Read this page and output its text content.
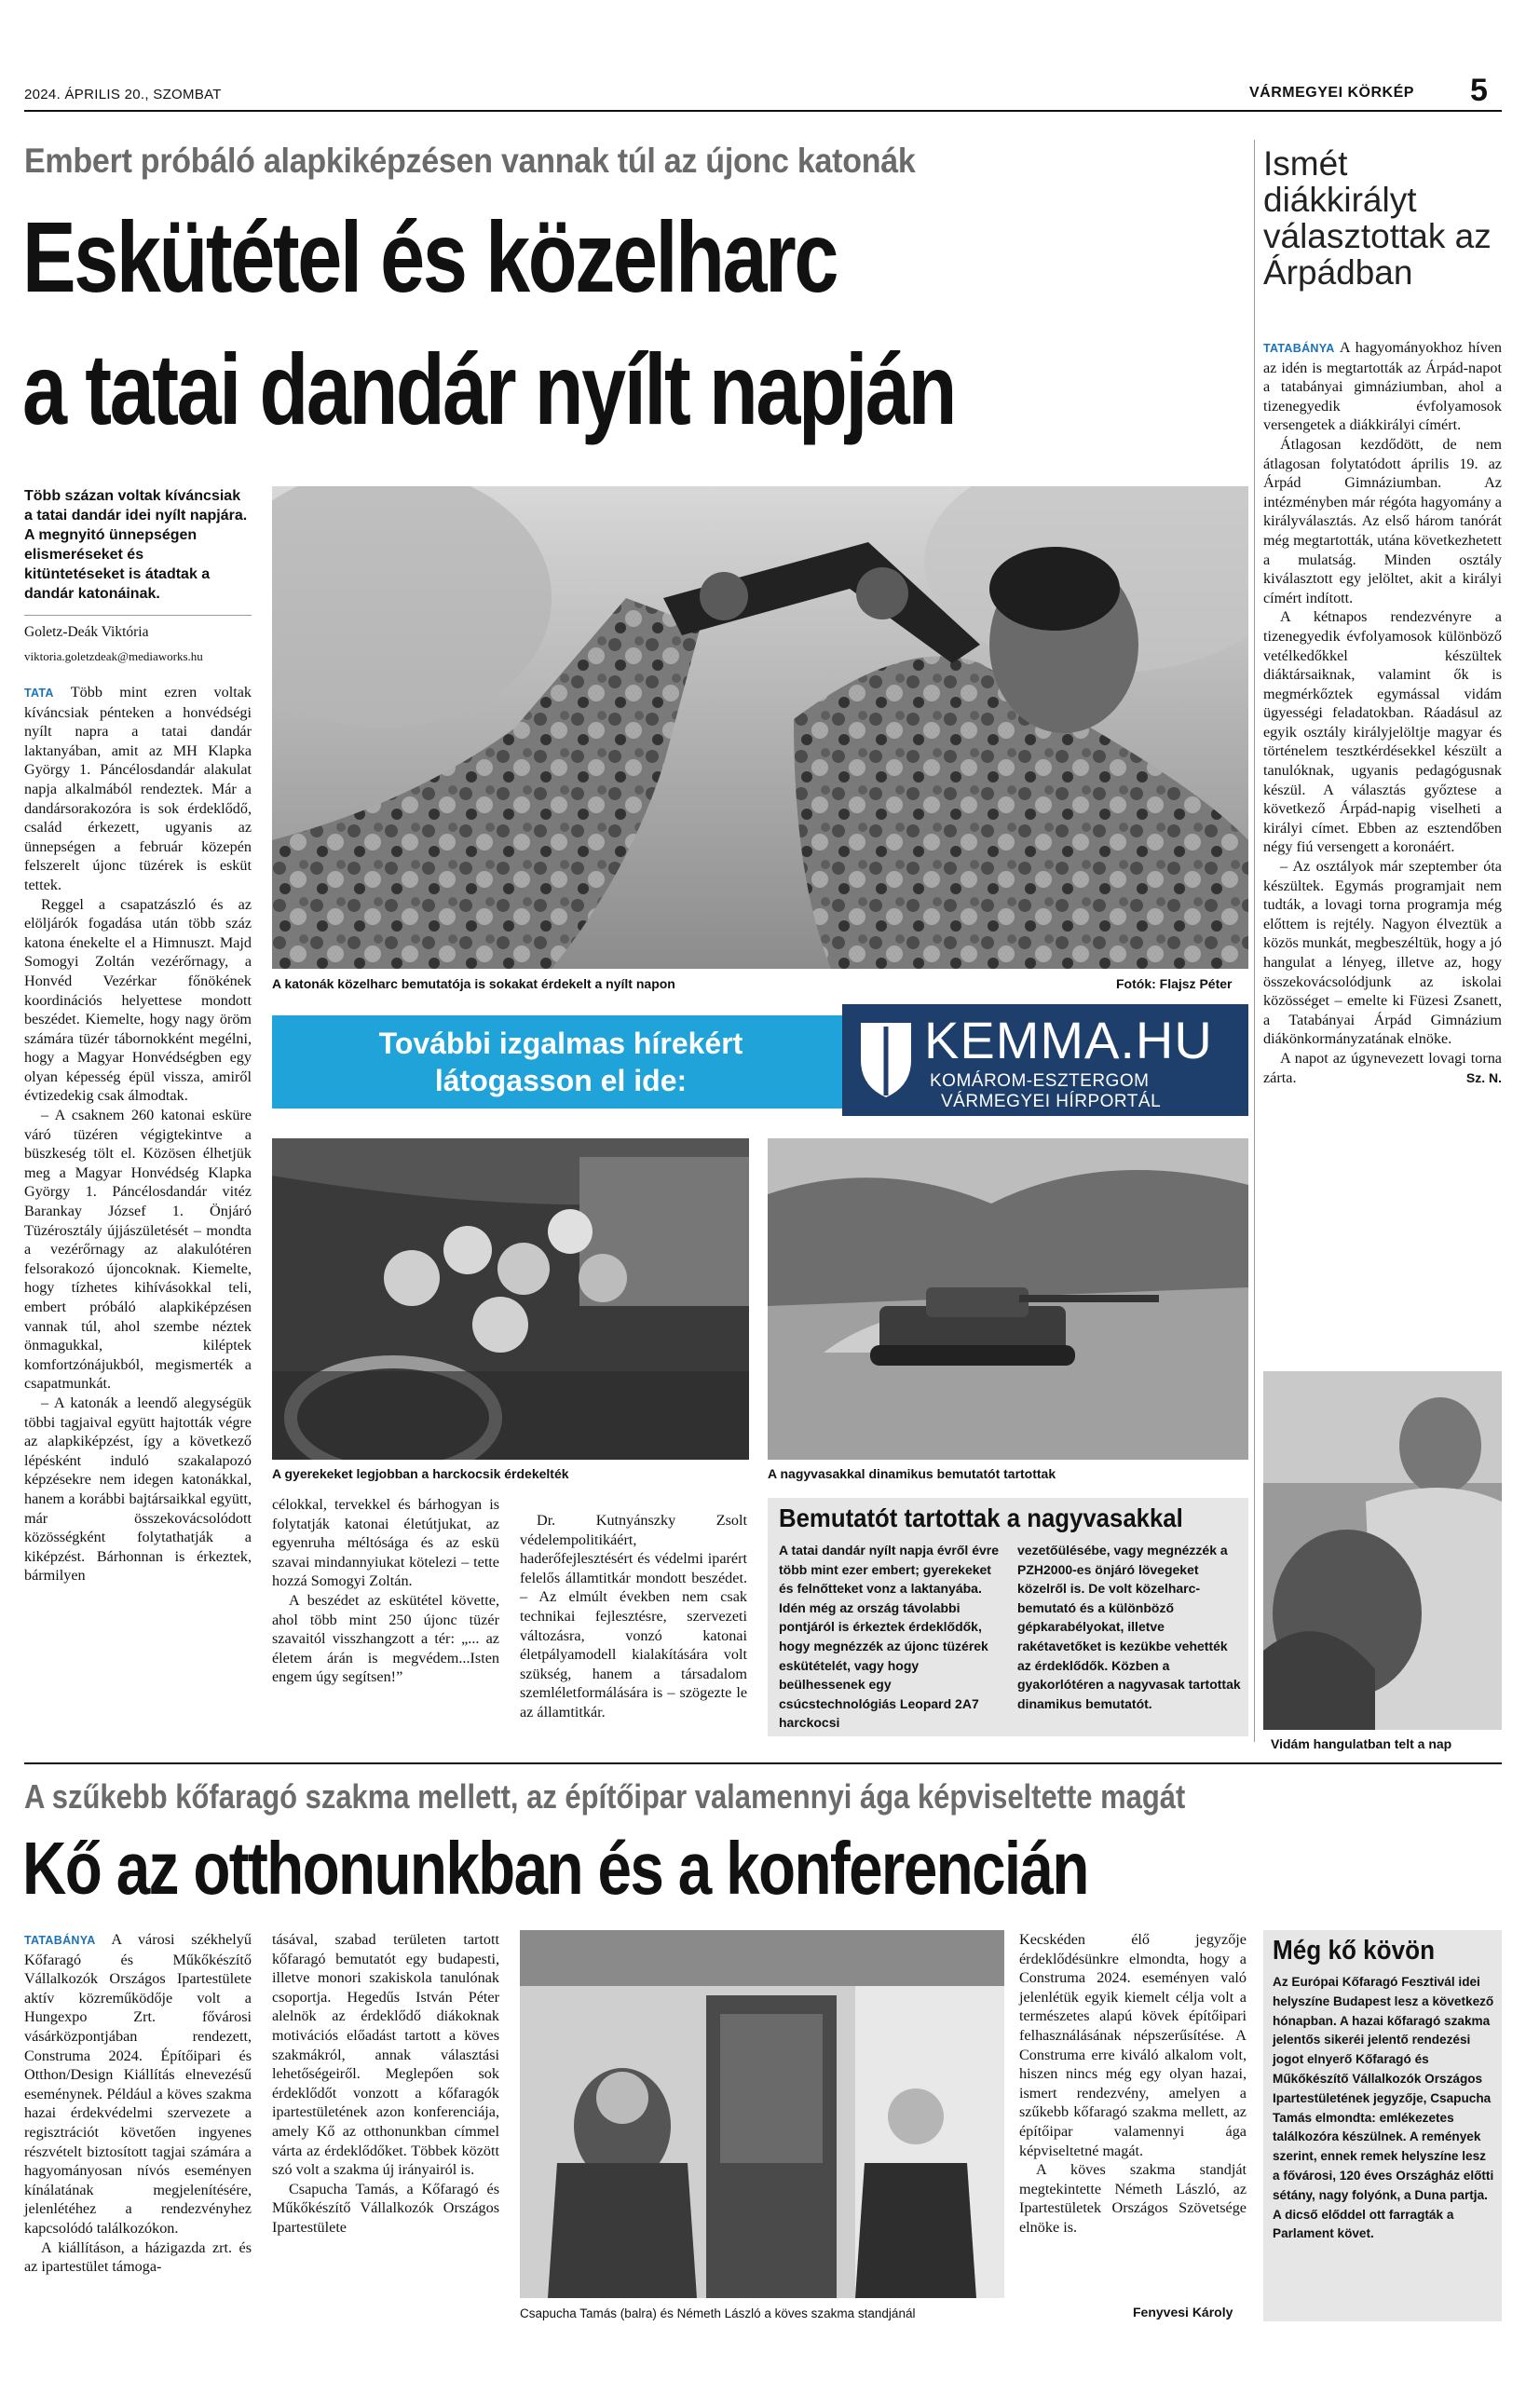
2024. ÁPRILIS 20., SZOMBAT	VÁRMEGYEI KÖRKÉP 5
Embert próbáló alapkiképzésen vannak túl az újonc katonák
Eskütétel és közelharc
a tatai dandár nyílt napján
Több százan voltak kíváncsiak a tatai dandár idei nyílt napjára. A megnyitó ünnepségen elismeréseket és kitüntetéseket is átadtak a dandár katonáinak.
Goletz-Deák Viktória
viktoria.goletzdeak@mediaworks.hu

TATA Több mint ezren voltak kíváncsiak pénteken a honvédségi nyílt napra a tatai dandár laktanyában, amit az MH Klapka György 1. Páncélosdandár alakulat napja alkalmából rendeztek. Már a dandársorakozóra is sok érdeklődő, család érkezett, ugyanis az ünnepségen a február közepén felszerelt újonc tüzérek is esküt tettek.

Reggel a csapatzászló és az elöljárók fogadása után több száz katona énekelte el a Himnuszt. Majd Somogyi Zoltán vezérőrnagy, a Honvéd Vezérkar főnökének koordinációs helyettese mondott beszédet. Kiemelte, hogy nagy öröm számára tüzér tábornokként megélni, hogy a Magyar Honvédségben egy olyan képesség épül vissza, amiről évtizedekig csak álmodtak.

– A csaknem 260 katonai esküre váró tüzéren végigtekintve a büszkeség tölt el. Közösen élhetjük meg a Magyar Honvédség Klapka György 1. Páncélosdandár vitéz Barankay József 1. Önjáró Tüzérosztály újjászületését – mondta a vezérőrnagy az alakulótéren felsorakozó újoncoknak. Kiemelte, hogy tízhetes kihívásokkal teli, embert próbáló alapkiképzésen vannak túl, ahol szembe néztek önmagukkal, kiléptek komfortzónájukból, megismerték a csapatmunkát.

– A katonák a leendő alegységük többi tagjaival együtt hajtották végre az alapkiképzést, így a következő lépésként induló szakalapozó képzésekre nem idegen katonákkal, hanem a korábbi bajtársaikkal együtt, már összekovácsolódott közösségként folytathatják a kiképzést. Bárhonnan is érkeztek, bármilyen

A katonák közelharc bemutatója is sokakat érdekelt a nyílt napon	Fotók: Flajsz Péter
További izgalmas hírekért
látogasson el ide:
KEMMA.HU
KOMÁROM-ESZTERGOM
VÁRMEGYEI HÍRPORTÁL
A gyerekeket legjobban a harckocsik érdekelték	A nagyvasakkal dinamikus bemutatót tartottak

célokkal, tervekkel és bárhogyan is folytatják katonai életútjukat, az egyenruha méltósága és az eskü szavai mindannyiukat kötelezi – tette hozzá Somogyi Zoltán.

A beszédet az eskütétel követte, ahol több mint 250 újonc tüzér szavaitól visszhangzott a tér: „... az életem árán is megvédem...Isten engem úgy segítsen!”

Dr. Kutnyánszky Zsolt védelempolitikáért, haderőfejlesztésért és védelmi iparért felelős államtitkár mondott beszédet. – Az elmúlt években nem csak technikai fejlesztésre, szervezeti változásra, vonzó katonai életpályamodell kialakítására volt szükség, hanem a társadalom szemléletformálására is – szögezte le az államtitkár.

Bemutatót tartottak a nagyvasakkal
A tatai dandár nyílt napja évről évre több mint ezer embert; gyerekeket és felnőtteket vonz a laktanyába. Idén még az ország távolabbi pontjáról is érkeztek érdeklődők, hogy megnézzék az újonc tüzérek eskütételét, vagy hogy beülhessenek egy csúcstechnológiás Leopard 2A7 harckocsi
vezetőülésébe, vagy megnézzék a PZH2000-es önjáró lövegeket közelről is. De volt közelharc-bemutató és a különböző gépkarabélyokat, illetve rakétavetőket is kezükbe vehették az érdeklődők. Közben a gyakorlótéren a nagyvasak tartottak dinamikus bemutatót.
Ismét diákkirályt választottak az Árpádban

TATABÁNYA A hagyományokhoz híven az idén is megtartották az Árpád-napot a tatabányai gimnáziumban, ahol a tizenegyedik évfolyamosok versengetek a diákkirályi címért.

Átlagosan kezdődött, de nem átlagosan folytatódott április 19. az Árpád Gimnáziumban. Az intézményben már régóta hagyomány a királyválasztás. Az első három tanórát még megtartották, utána következhetett a mulatság. Minden osztály kiválasztott egy jelöltet, akit a királyi címért indított.

A kétnapos rendezvényre a tizenegyedik évfolyamosok különböző vetélkedőkkel készültek diáktársaiknak, valamint ők is megmérkőztek egymással vidám ügyességi feladatokban. Ráadásul az egyik osztály királyjelöltje magyar és történelem tesztkérdésekkel készült a tanulóknak, ugyanis pedagógusnak készül. A választás győztese a következő Árpád-napig viselheti a királyi címet. Ebben az esztendőben négy fiú versengett a koronáért.

– Az osztályok már szeptember óta készültek. Egymás programjait nem tudták, a lovagi torna programja még előttem is rejtély. Nagyon élveztük a közös munkát, megbeszéltük, hogy a jó hangulat a lényeg, illetve az, hogy összekovácsolódjunk az iskolai közösséget – emelte ki Füzesi Zsanett, a Tatabányai Árpád Gimnázium diákönkormányzatának elnöke.

A napot az úgynevezett lovagi torna zárta.	Sz. N.

Vidám hangulatban telt a nap
A szűkebb kőfaragó szakma mellett, az építőipar valamennyi ága képviseltette magát
Kő az otthonunkban és a konferencián

TATABÁNYA A városi székhelyű Kőfaragó és Műkőkészítő Vállalkozók Országos Ipartestülete aktív közreműködője volt a Hungexpo Zrt. fővárosi vásárközpontjában rendezett, Construma 2024. Építőipari és Otthon/Design Kiállítás elnevezésű eseménynek. Például a köves szakma hazai érdekvédelmi szervezete a regisztrációt követően ingyenes részvételt biztosított tagjai számára a hagyományosan nívós eseményen kínálatának megjelenítésére, jelenlétéhez a rendezvényhez kapcsolódó találkozókon.

A kiállításon, a házigazda zrt. és az ipartestület támoga-

tásával, szabad területen tartott kőfaragó bemutatót egy budapesti, illetve monori szakiskola tanulónak csoportja. Hegedűs István Péter alelnök az érdeklődő diákoknak motivációs előadást tartott a köves szakmákról, annak választási lehetőségeiről. Meglepően sok érdeklődőt vonzott a kőfaragók ipartestületének azon konferenciája, amely Kő az otthonunkban címmel várta az érdeklődőket. Többek között szó volt a szakma új irányairól is.

Csapucha Tamás, a Kőfaragó és Műkőkészítő Vállalkozók Országos Ipartestülete

Csapucha Tamás (balra) és Németh László a köves szakma standjánál

Kecskéden élő jegyzője érdeklődésünkre elmondta, hogy a Construma 2024. eseményen való jelenlétük egyik kiemelt célja volt a természetes alapú kövek építőipari felhasználásának népszerűsítése. A Construma erre kiváló alkalom volt, hiszen nincs még egy olyan hazai, ismert rendezvény, amelyen a szűkebb kőfaragó szakma mellett, az építőipar valamennyi ága képviseltetné magát.

A köves szakma standját megtekintette Németh László, az Ipartestületek Országos Szövetsége elnöke is.

Fenyvesi Károly
Még kő kövön
Az Európai Kőfaragó Fesztivál idei helyszíne Budapest lesz a következő hónapban. A hazai kőfaragó szakma jelentős sikeréi jelentő rendezési jogot elnyerő Kőfaragó és Műkőkészítő Vállalkozók Országos Ipartestületének jegyzője, Csapucha Tamás elmondta: emlékezetes találkozóra készülnek. A remények szerint, ennek remek helyszíne lesz a fővárosi, 120 éves Országház előtti sétány, nagy folyónk, a Duna partja. A dicső előddel ott farragták a Parlament követ.
